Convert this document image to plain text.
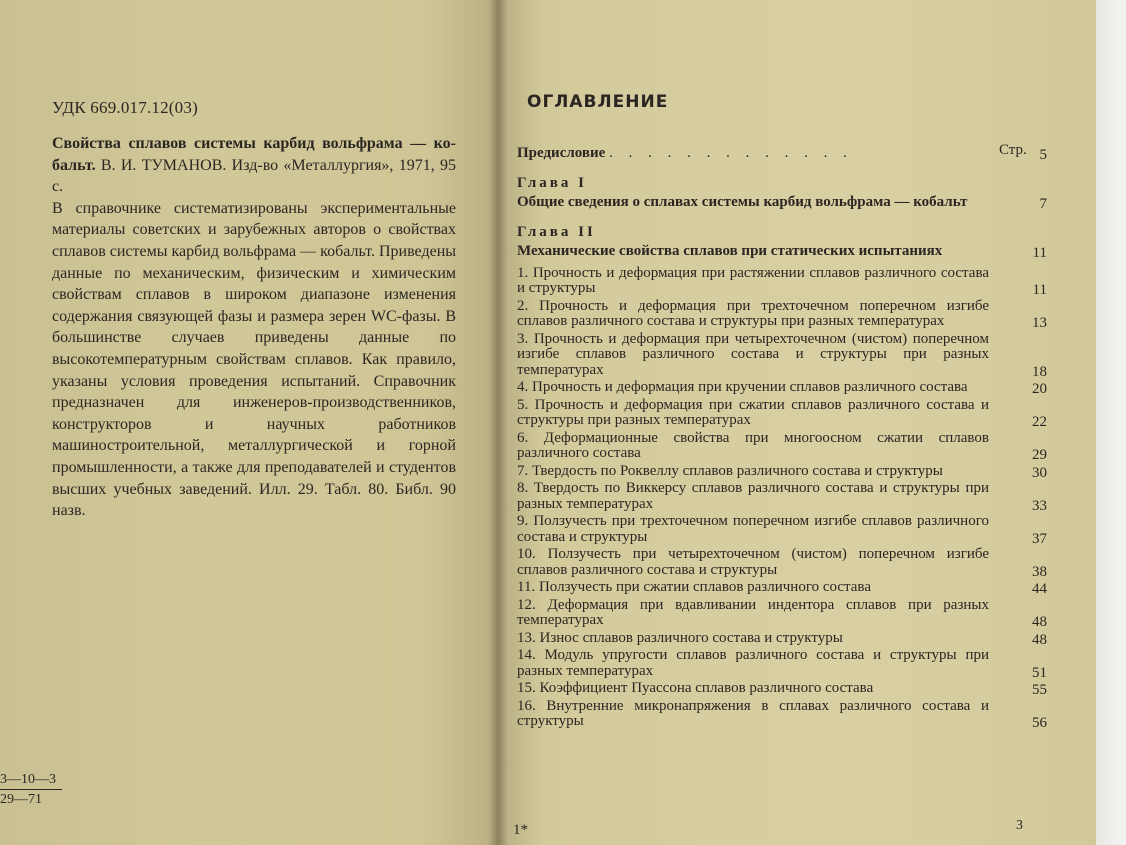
УДК 669.017.12(03)

Свойства сплавов системы карбид вольфрама — ко-бальт. В. И. ТУМАНОВ. Изд-во «Металлургия», 1971, 95 с.

В справочнике систематизированы экспериментальные материалы советских и зарубежных авторов о свойствах сплавов системы карбид вольфрама — кобальт. Приведены данные по механическим, физическим и химическим свойствам сплавов в широком диапазоне изменения содержания связующей фазы и размера зерен WC-фазы. В большинстве случаев приведены данные по высокотемпературным свойствам сплавов. Как правило, указаны условия проведения испытаний. Справочник предназначен для инженеров-производственников, конструкторов и научных работников машиностроительной, металлургической и горной промышленности, а также для преподавателей и студентов высших учебных заведений. Илл. 29. Табл. 80. Библ. 90 назв.

3—10—3
29—71
ОГЛАВЛЕНИЕ
Стр.
Предисловие . . . . . . . . . . . . .	5
Глава I
Общие сведения о сплавах системы карбид вольфрама — кобальт	7
Глава II
Механические свойства сплавов при статических испытаниях	11
1. Прочность и деформация при растяжении сплавов различного состава и структуры	11
2. Прочность и деформация при трехточечном поперечном изгибе сплавов различного состава и структуры при разных температурах	13
3. Прочность и деформация при четырехточечном (чистом) поперечном изгибе сплавов различного состава и структуры при разных температурах	18
4. Прочность и деформация при кручении сплавов различного состава	20
5. Прочность и деформация при сжатии сплавов различного состава и структуры при разных температурах	22
6. Деформационные свойства при многоосном сжатии сплавов различного состава	29
7. Твердость по Роквеллу сплавов различного состава и структуры	30
8. Твердость по Виккерсу сплавов различного состава и структуры при разных температурах	33
9. Ползучесть при трехточечном поперечном изгибе сплавов различного состава и структуры	37
10. Ползучесть при четырехточечном (чистом) поперечном изгибе сплавов различного состава и структуры	38
11. Ползучесть при сжатии сплавов различного состава	44
12. Деформация при вдавливании индентора сплавов при разных температурах	48
13. Износ сплавов различного состава и структуры	48
14. Модуль упругости сплавов различного состава и структуры при разных температурах	51
15. Коэффициент Пуассона сплавов различного состава	55
16. Внутренние микронапряжения в сплавах различного состава и структуры	56
1*	3
